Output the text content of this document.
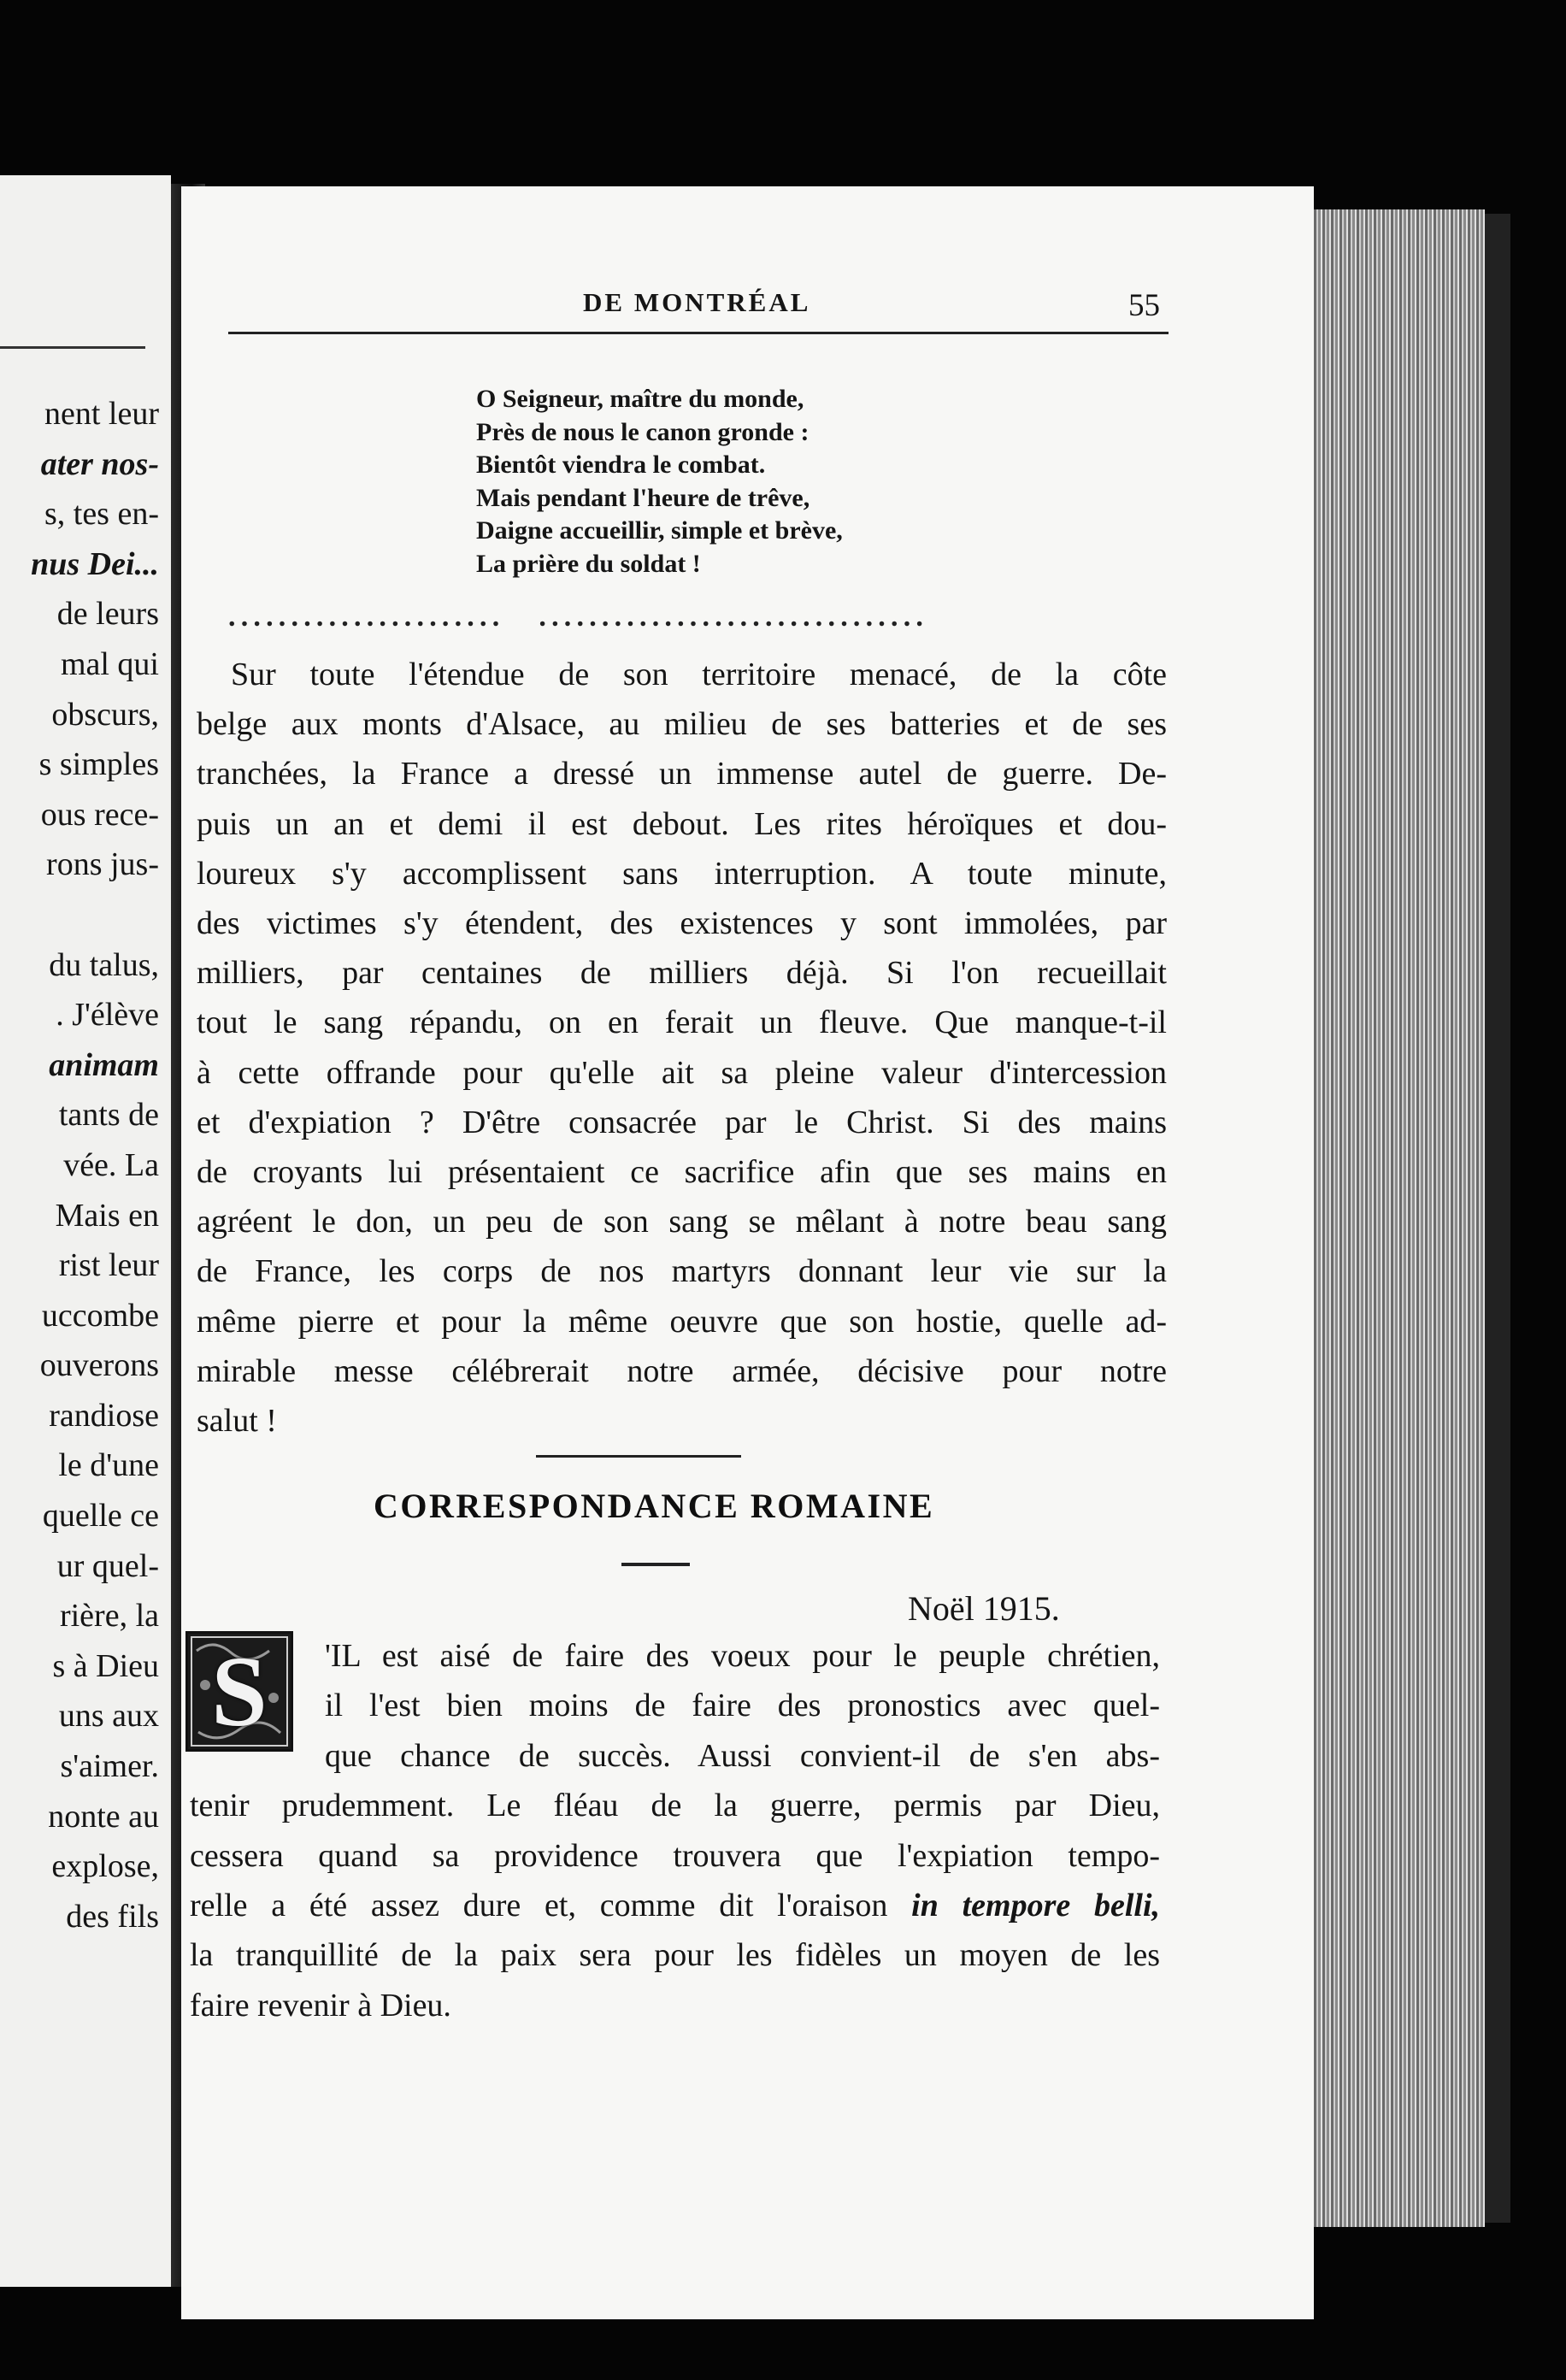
nent leur
ater nos-
s, tes en-
nus Dei...
de leurs
mal qui
obscurs,
s simples
ous rece-
rons jus-

du talus,
. J'élève
animam
tants de
vée. La
Mais en
rist leur
uccombe
ouverons
randiose
le d'une
quelle ce
ur quel-
rière, la
s à Dieu
uns aux
s'aimer.
nonte au
explose,
des fils
DE MONTRÉAL	55
O Seigneur, maître du monde,
Près de nous le canon gronde :
Bientôt viendra le combat.
Mais pendant l'heure de trêve,
Daigne accueillir, simple et brève,
La prière du soldat !
...................... ...............................
Sur toute l'étendue de son territoire menacé, de la côte
belge aux monts d'Alsace, au milieu de ses batteries et de ses
tranchées, la France a dressé un immense autel de guerre. De-
puis un an et demi il est debout. Les rites héroïques et dou-
loureux s'y accomplissent sans interruption. A toute minute,
des victimes s'y étendent, des existences y sont immolées, par
milliers, par centaines de milliers déjà. Si l'on recueillait
tout le sang répandu, on en ferait un fleuve. Que manque-t-il
à cette offrande pour qu'elle ait sa pleine valeur d'intercession
et d'expiation ? D'être consacrée par le Christ. Si des mains
de croyants lui présentaient ce sacrifice afin que ses mains en
agréent le don, un peu de son sang se mêlant à notre beau sang
de France, les corps de nos martyrs donnant leur vie sur la
même pierre et pour la même oeuvre que son hostie, quelle ad-
mirable messe célébrerait notre armée, décisive pour notre
salut !
CORRESPONDANCE ROMAINE
Noël 1915.
S	'IL est aisé de faire des voeux pour le peuple chrétien,
il l'est bien moins de faire des pronostics avec quel-
que chance de succès. Aussi convient-il de s'en abs-
tenir prudemment. Le fléau de la guerre, permis par Dieu,
cessera quand sa providence trouvera que l'expiation tempo-
relle a été assez dure et, comme dit l'oraison in tempore belli,
la tranquillité de la paix sera pour les fidèles un moyen de les
faire revenir à Dieu.
